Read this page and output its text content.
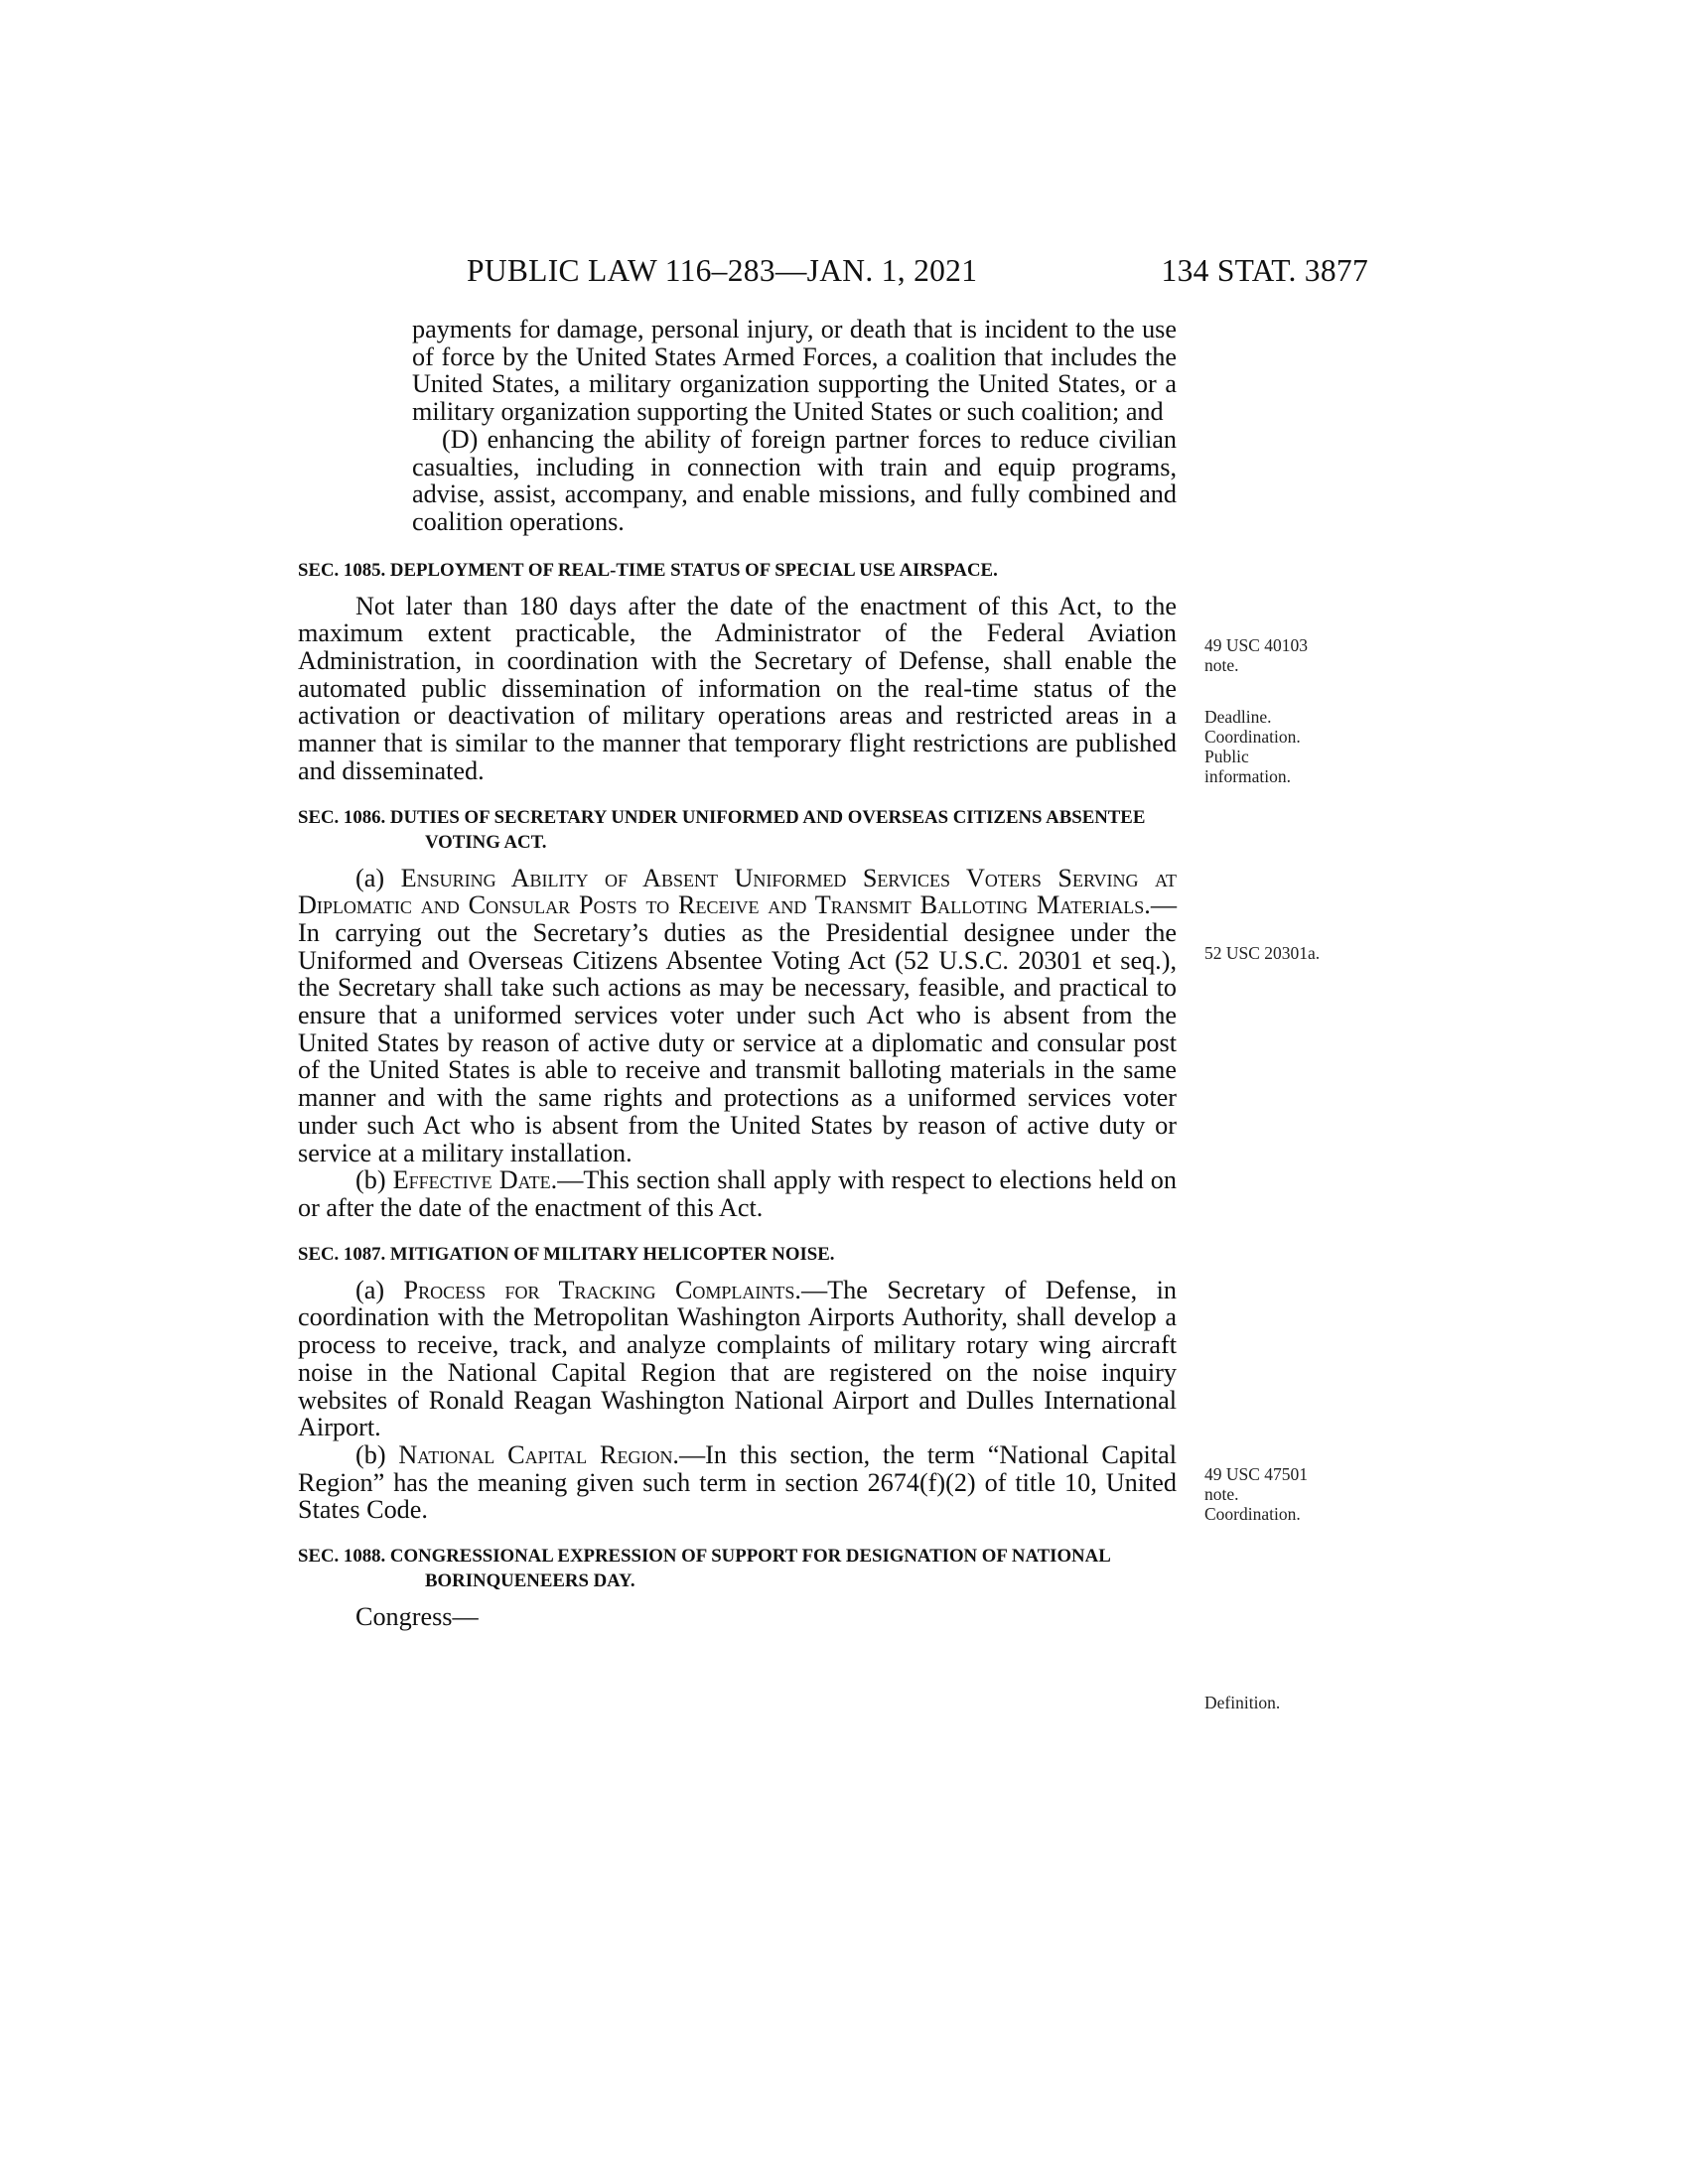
PUBLIC LAW 116–283—JAN. 1, 2021	134 STAT. 3877

payments for damage, personal injury, or death that is incident to the use of force by the United States Armed Forces, a coalition that includes the United States, a military organization supporting the United States, or a military organization supporting the United States or such coalition; and

(D) enhancing the ability of foreign partner forces to reduce civilian casualties, including in connection with train and equip programs, advise, assist, accompany, and enable missions, and fully combined and coalition operations.

SEC. 1085. DEPLOYMENT OF REAL-TIME STATUS OF SPECIAL USE AIRSPACE.

Not later than 180 days after the date of the enactment of this Act, to the maximum extent practicable, the Administrator of the Federal Aviation Administration, in coordination with the Secretary of Defense, shall enable the automated public dissemination of information on the real-time status of the activation or deactivation of military operations areas and restricted areas in a manner that is similar to the manner that temporary flight restrictions are published and disseminated.

SEC. 1086. DUTIES OF SECRETARY UNDER UNIFORMED AND OVERSEAS CITIZENS ABSENTEE VOTING ACT.

(a) Ensuring Ability of Absent Uniformed Services Voters Serving at Diplomatic and Consular Posts to Receive and Transmit Balloting Materials.—In carrying out the Secretary’s duties as the Presidential designee under the Uniformed and Overseas Citizens Absentee Voting Act (52 U.S.C. 20301 et seq.), the Secretary shall take such actions as may be necessary, feasible, and practical to ensure that a uniformed services voter under such Act who is absent from the United States by reason of active duty or service at a diplomatic and consular post of the United States is able to receive and transmit balloting materials in the same manner and with the same rights and protections as a uniformed services voter under such Act who is absent from the United States by reason of active duty or service at a military installation.

(b) Effective Date.—This section shall apply with respect to elections held on or after the date of the enactment of this Act.

SEC. 1087. MITIGATION OF MILITARY HELICOPTER NOISE.

(a) Process for Tracking Complaints.—The Secretary of Defense, in coordination with the Metropolitan Washington Airports Authority, shall develop a process to receive, track, and analyze complaints of military rotary wing aircraft noise in the National Capital Region that are registered on the noise inquiry websites of Ronald Reagan Washington National Airport and Dulles International Airport.

(b) National Capital Region.—In this section, the term “National Capital Region” has the meaning given such term in section 2674(f)(2) of title 10, United States Code.

SEC. 1088. CONGRESSIONAL EXPRESSION OF SUPPORT FOR DESIGNATION OF NATIONAL BORINQUENEERS DAY.

Congress—

49 USC 40103
note.
Deadline.
Coordination.
Public
information.
52 USC 20301a.
49 USC 47501
note.
Coordination.
Definition.
